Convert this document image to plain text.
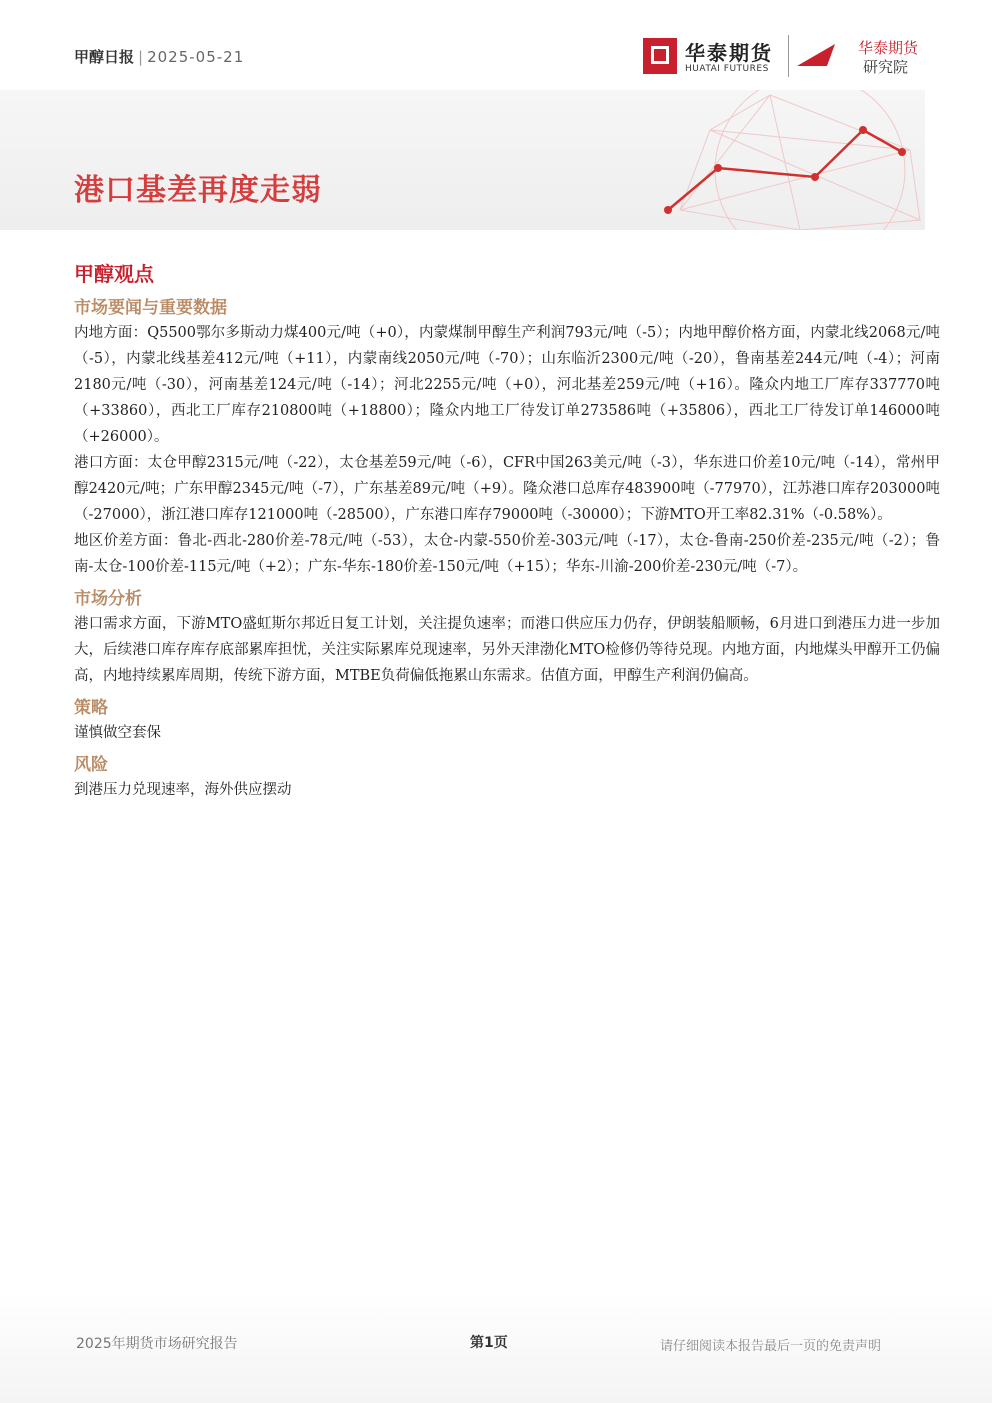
甲醇日报 | 2025-05-21	华泰期货
HUATAI FUTURES
华泰期货
研究院
港口基差再度走弱
甲醇观点
市场要闻与重要数据

内地方面：Q5500鄂尔多斯动力煤400元/吨（+0），内蒙煤制甲醇生产利润793元/吨（-5）；内地甲醇价格方面，内蒙北线2068元/吨（-5），内蒙北线基差412元/吨（+11），内蒙南线2050元/吨（-70）；山东临沂2300元/吨（-20），鲁南基差244元/吨（-4）；河南2180元/吨（-30），河南基差124元/吨（-14）；河北2255元/吨（+0），河北基差259元/吨（+16）。隆众内地工厂库存337770吨（+33860），西北工厂库存210800吨（+18800）；隆众内地工厂待发订单273586吨（+35806），西北工厂待发订单146000吨（+26000）。

港口方面：太仓甲醇2315元/吨（-22），太仓基差59元/吨（-6），CFR中国263美元/吨（-3），华东进口价差10元/吨（-14），常州甲醇2420元/吨；广东甲醇2345元/吨（-7），广东基差89元/吨（+9）。隆众港口总库存483900吨（-77970），江苏港口库存203000吨（-27000），浙江港口库存121000吨（-28500），广东港口库存79000吨（-30000）；下游MTO开工率82.31%（-0.58%）。

地区价差方面：鲁北-西北-280价差-78元/吨（-53），太仓-内蒙-550价差-303元/吨（-17），太仓-鲁南-250价差-235元/吨（-2）；鲁南-太仓-100价差-115元/吨（+2）；广东-华东-180价差-150元/吨（+15）；华东-川渝-200价差-230元/吨（-7）。

市场分析

港口需求方面，下游MTO盛虹斯尔邦近日复工计划，关注提负速率；而港口供应压力仍存，伊朗装船顺畅，6月进口到港压力进一步加大，后续港口库存库存底部累库担忧，关注实际累库兑现速率，另外天津渤化MTO检修仍等待兑现。内地方面，内地煤头甲醇开工仍偏高，内地持续累库周期，传统下游方面，MTBE负荷偏低拖累山东需求。估值方面，甲醇生产利润仍偏高。

策略

谨慎做空套保

风险

到港压力兑现速率，海外供应摆动

2025年期货市场研究报告	第1页	请仔细阅读本报告最后一页的免责声明
